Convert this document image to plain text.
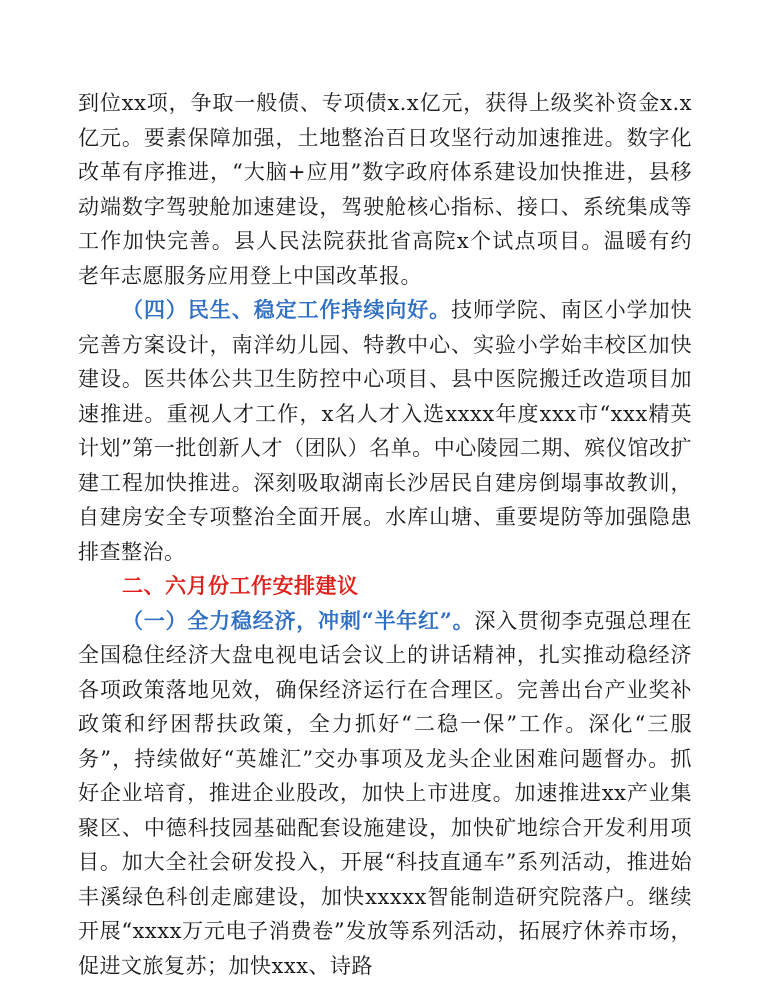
到位xx项，争取一般债、专项债x.x亿元，获得上级奖补资金x.x亿元。要素保障加强，土地整治百日攻坚行动加速推进。数字化改革有序推进，“大脑+应用”数字政府体系建设加快推进，县移动端数字驾驶舱加速建设，驾驶舱核心指标、接口、系统集成等工作加快完善。县人民法院获批省高院x个试点项目。温暖有约老年志愿服务应用登上中国改革报。

（四）民生、稳定工作持续向好。技师学院、南区小学加快完善方案设计，南洋幼儿园、特教中心、实验小学始丰校区加快建设。医共体公共卫生防控中心项目、县中医院搬迁改造项目加速推进。重视人才工作，x名人才入选xxxx年度xxx市“xxx精英计划”第一批创新人才（团队）名单。中心陵园二期、殡仪馆改扩建工程加快推进。深刻吸取湖南长沙居民自建房倒塌事故教训，自建房安全专项整治全面开展。水库山塘、重要堤防等加强隐患排查整治。

二、六月份工作安排建议

（一）全力稳经济，冲刺“半年红”。深入贯彻李克强总理在全国稳住经济大盘电视电话会议上的讲话精神，扎实推动稳经济各项政策落地见效，确保经济运行在合理区。完善出台产业奖补政策和纾困帮扶政策，全力抓好“二稳一保”工作。深化“三服务”，持续做好“英雄汇”交办事项及龙头企业困难问题督办。抓好企业培育，推进企业股改，加快上市进度。加速推进xx产业集聚区、中德科技园基础配套设施建设，加快矿地综合开发利用项目。加大全社会研发投入，开展“科技直通车”系列活动，推进始丰溪绿色科创走廊建设，加快xxxxx智能制造研究院落户。继续开展“xxxx万元电子消费卷”发放等系列活动，拓展疗休养市场，促进文旅复苏；加快xxx、诗路
